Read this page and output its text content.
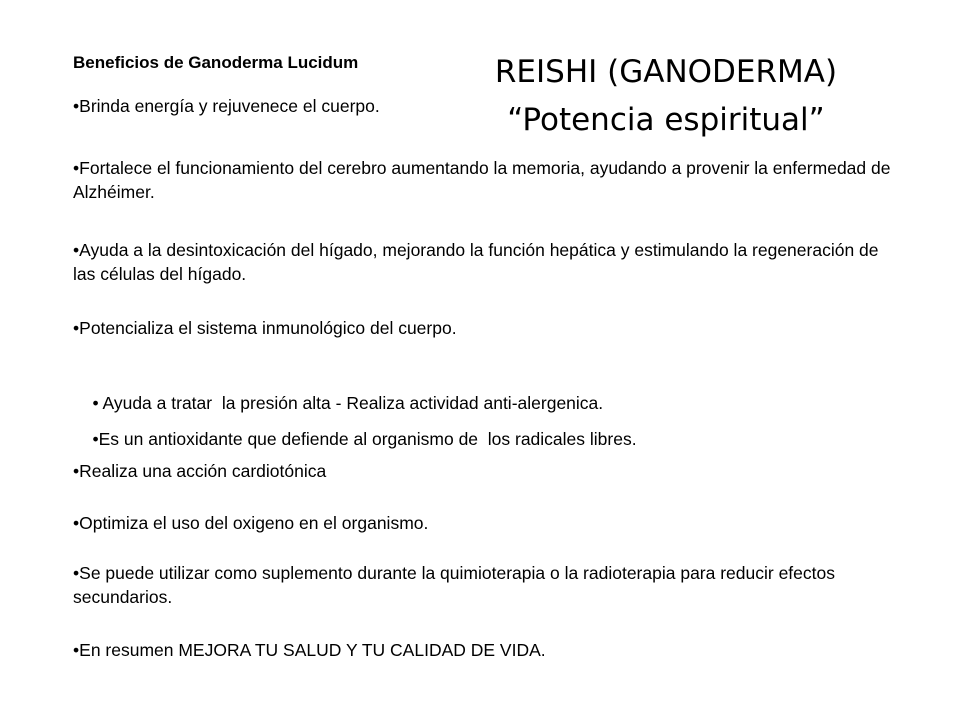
REISHI (GANODERMA)
“Potencia espiritual”
Beneficios de Ganoderma Lucidum
•Brinda energía y rejuvenece el cuerpo.
•Fortalece el funcionamiento del cerebro aumentando la memoria, ayudando a provenir la enfermedad de Alzhéimer.
•Ayuda a la desintoxicación del hígado, mejorando la función hepática y estimulando la regeneración de las células del hígado.
•Potencializa el sistema inmunológico del cuerpo.

• Ayuda a tratar  la presión alta - Realiza actividad anti-alergenica.

•Es un antioxidante que defiende al organismo de  los radicales libres.

•Realiza una acción cardiotónica
•Optimiza el uso del oxigeno en el organismo.
•Se puede utilizar como suplemento durante la quimioterapia o la radioterapia para reducir efectos secundarios.
•En resumen MEJORA TU SALUD Y TU CALIDAD DE VIDA.
